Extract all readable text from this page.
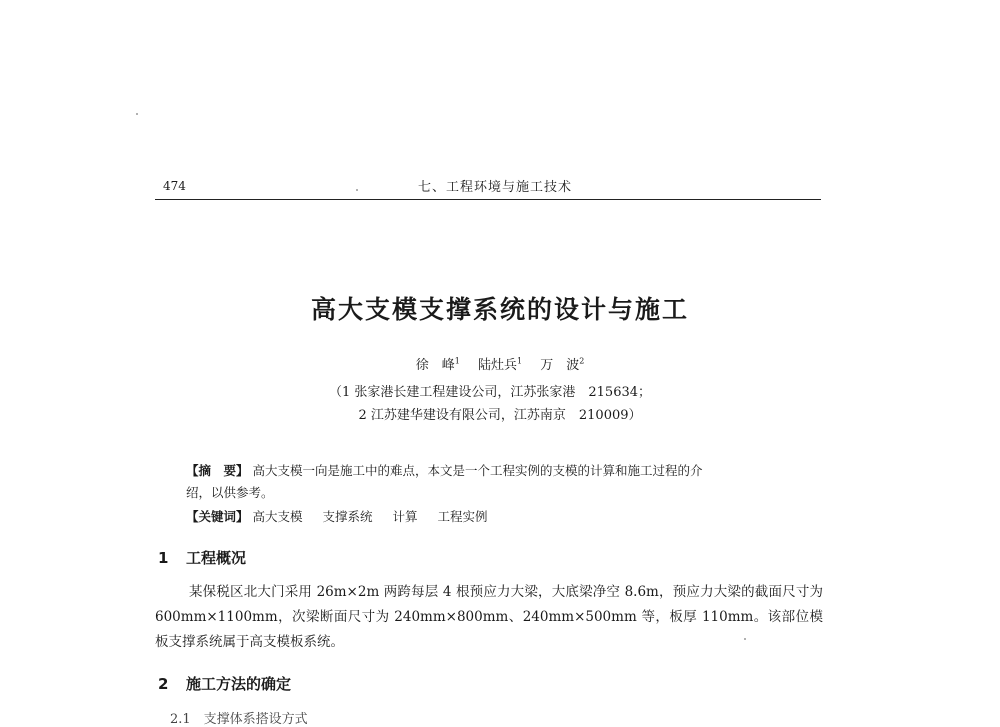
474	七、工程环境与施工技术
高大支模支撑系统的设计与施工
徐　峰$^1$ 陆灶兵$^1$ 万　波$^2$
（1 张家港长建工程建设公司，江苏张家港　215634；
2 江苏建华建设有限公司，江苏南京　210009）
【摘　要】 高大支模一向是施工中的难点，本文是一个工程实例的支模的计算和施工过程的介
绍，以供参考。
【关键词】 高大支模 支撑系统 计算 工程实例
1 工程概况
某保税区北大门采用 26m×2m 两跨每层 4 根预应力大梁，大底梁净空 8.6m，预应力大梁的截面尺寸为 600mm×1100mm，次梁断面尺寸为 240mm×800mm、240mm×500mm 等，板厚 110mm。该部位模板支撑系统属于高支模板系统。
2 施工方法的确定
2.1　支撑体系搭设方式
